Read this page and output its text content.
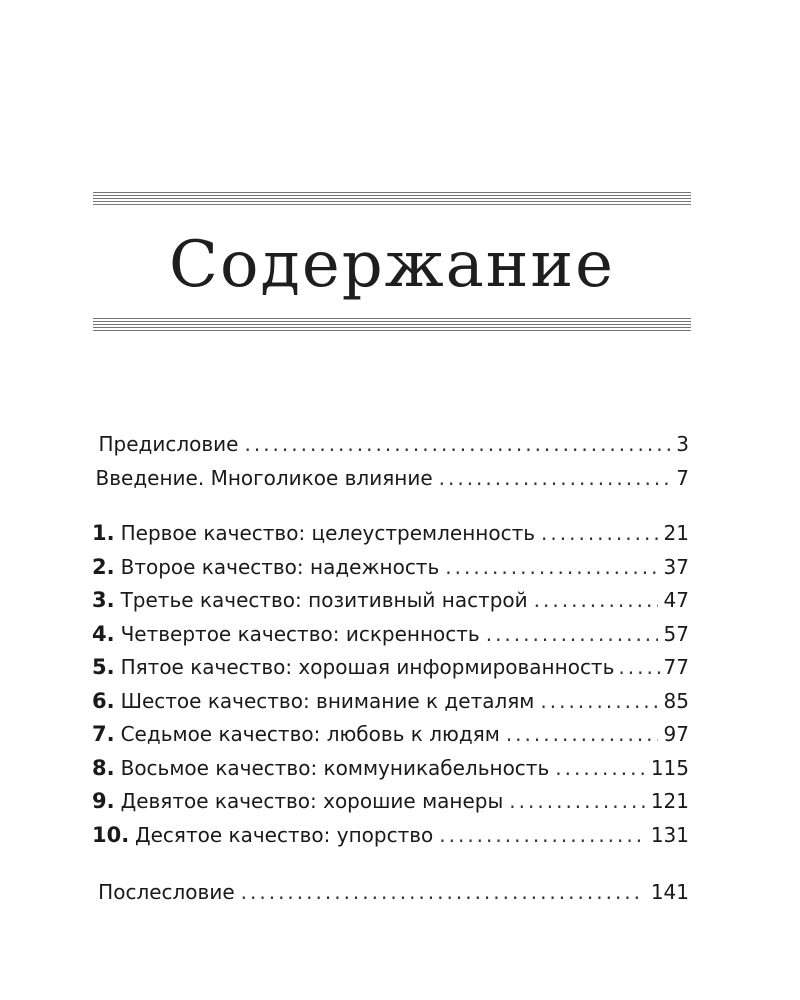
Содержание
Предисловие .....	3
Введение. Многоликое влияние .....	7
1. Первое качество: целеустремленность .....	21
2. Второе качество: надежность .....	37
3. Третье качество: позитивный настрой .....	47
4. Четвертое качество: искренность .....	57
5. Пятое качество: хорошая информированность ..... 77
6. Шестое качество: внимание к деталям .....	85
7. Седьмое качество: любовь к людям .....	97
8. Восьмое качество: коммуникабельность .....	115
9. Девятое качество: хорошие манеры .....	121
10. Десятое качество: упорство .....	131
Послесловие .....	141
